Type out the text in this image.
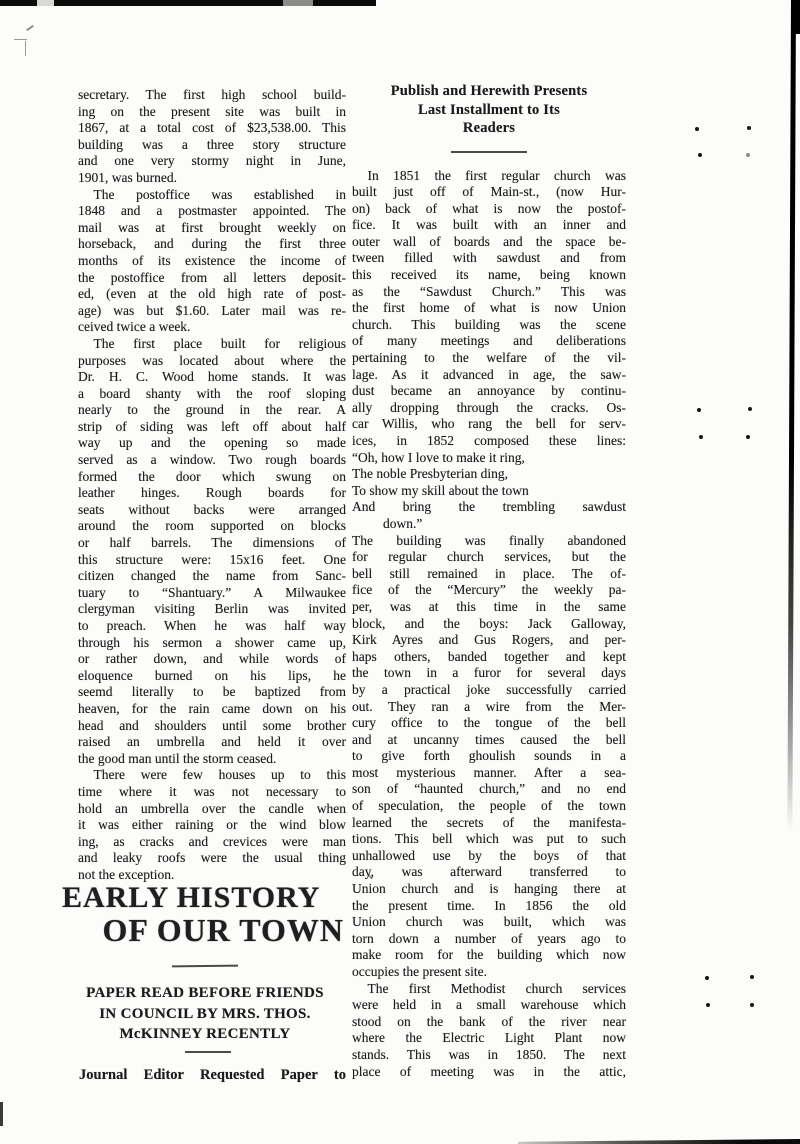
secretary. The first high school build-
ing on the present site was built in
1867, at a total cost of $23,538.00. This
building was a three story structure
and one very stormy night in June,
1901, was burned.
The postoffice was established in
1848 and a postmaster appointed. The
mail was at first brought weekly on
horseback, and during the first three
months of its existence the income of
the postoffice from all letters deposit-
ed, (even at the old high rate of post-
age) was but $1.60. Later mail was re-
ceived twice a week.
The first place built for religious
purposes was located about where the
Dr. H. C. Wood home stands. It was
a board shanty with the roof sloping
nearly to the ground in the rear. A
strip of siding was left off about half
way up and the opening so made
served as a window. Two rough boards
formed the door which swung on
leather hinges. Rough boards for
seats without backs were arranged
around the room supported on blocks
or half barrels. The dimensions of
this structure were: 15x16 feet. One
citizen changed the name from Sanc-
tuary to “Shantuary.” A Milwaukee
clergyman visiting Berlin was invited
to preach. When he was half way
through his sermon a shower came up,
or rather down, and while words of
eloquence burned on his lips, he
seemd literally to be baptized from
heaven, for the rain came down on his
head and shoulders until some brother
raised an umbrella and held it over
the good man until the storm ceased.
There were few houses up to this
time where it was not necessary to
hold an umbrella over the candle when
it was either raining or the wind blow
ing, as cracks and crevices were man
and leaky roofs were the usual thing
not the exception.
EARLY HISTORY
OF OUR TOWN
PAPER READ BEFORE FRIENDS
IN COUNCIL BY MRS. THOS.
McKINNEY RECENTLY
Journal Editor Requested Paper to
Publish and Herewith Presents
Last Installment to Its
Readers
In 1851 the first regular church was
built just off of Main-st., (now Hur-
on) back of what is now the postof-
fice. It was built with an inner and
outer wall of boards and the space be-
tween filled with sawdust and from
this received its name, being known
as the “Sawdust Church.” This was
the first home of what is now Union
church. This building was the scene
of many meetings and deliberations
pertaining to the welfare of the vil-
lage. As it advanced in age, the saw-
dust became an annoyance by continu-
ally dropping through the cracks. Os-
car Willis, who rang the bell for serv-
ices, in 1852 composed these lines:
“Oh, how I love to make it ring,
The noble Presbyterian ding,
To show my skill about the town
And bring the trembling sawdust
down.”
The building was finally abandoned
for regular church services, but the
bell still remained in place. The of-
fice of the “Mercury” the weekly pa-
per, was at this time in the same
block, and the boys: Jack Galloway,
Kirk Ayres and Gus Rogers, and per-
haps others, banded together and kept
the town in a furor for several days
by a practical joke successfully carried
out. They ran a wire from the Mer-
cury office to the tongue of the bell
and at uncanny times caused the bell
to give forth ghoulish sounds in a
most mysterious manner. After a sea-
son of “haunted church,” and no end
of speculation, the people of the town
learned the secrets of the manifesta-
tions. This bell which was put to such
unhallowed use by the boys of that
day, was afterward transferred to
Union church and is hanging there at
the present time. In 1856 the old
Union church was built, which was
torn down a number of years ago to
make room for the building which now
occupies the present site.
The first Methodist church services
were held in a small warehouse which
stood on the bank of the river near
where the Electric Light Plant now
stands. This was in 1850. The next
place of meeting was in the attic,
